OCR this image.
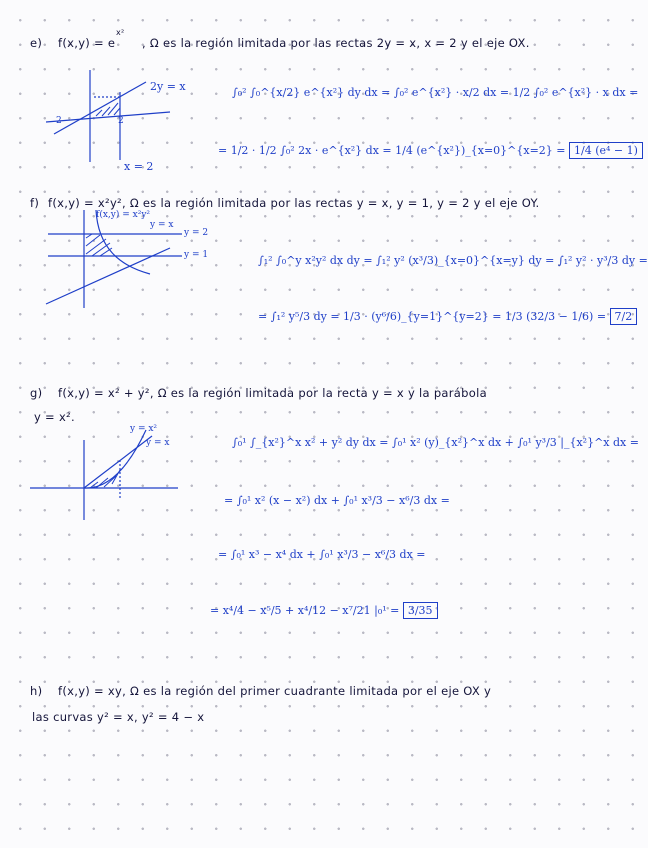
e) f(x,y) = e
x²
, Ω es la región limitada por las rectas 2y = x, x = 2 y el eje OX.
2y = x
x = 2
2	2
∫₀² ∫₀^{x/2} e^{x²} dy dx = ∫₀² e^{x²} · x/2 dx = 1/2 ∫₀² e^{x²} · x dx =
= 1/2 · 1/2 ∫₀² 2x · e^{x²} dx = 1/4 (e^{x²})_{x=0}^{x=2} = 1/4 (e⁴ − 1)
f) f(x,y) = x²y², Ω es la región limitada por las rectas y = x, y = 1, y = 2 y el eje OY.
f(x,y) = x²y²
y = x
y = 2
y = 1	∫₁² ∫₀^y x²y² dx dy = ∫₁² y² (x³/3)_{x=0}^{x=y} dy = ∫₁² y² · y³/3 dy =
= ∫₁² y⁵/3 dy = 1/3 · (y⁶/6)_{y=1}^{y=2} = 1/3 (32/3 − 1/6) = 7/2
g) f(x,y) = x² + y², Ω es la región limitada por la recta y = x y la parábola
y = x².
y = x²
y = x	∫₀¹ ∫_{x²}^x x² + y² dy dx = ∫₀¹ x² (y)_{x²}^x dx + ∫₀¹ y³/3 |_{x²}^x dx =
= ∫₀¹ x² (x − x²) dx + ∫₀¹ x³/3 − x⁶/3 dx =
= ∫₀¹ x³ − x⁴ dx + ∫₀¹ x³/3 − x⁶/3 dx =
= x⁴/4 − x⁵/5 + x⁴/12 − x⁷/21 |₀¹ = 3/35
h) f(x,y) = xy, Ω es la región del primer cuadrante limitada por el eje OX y
las curvas y² = x, y² = 4 − x
